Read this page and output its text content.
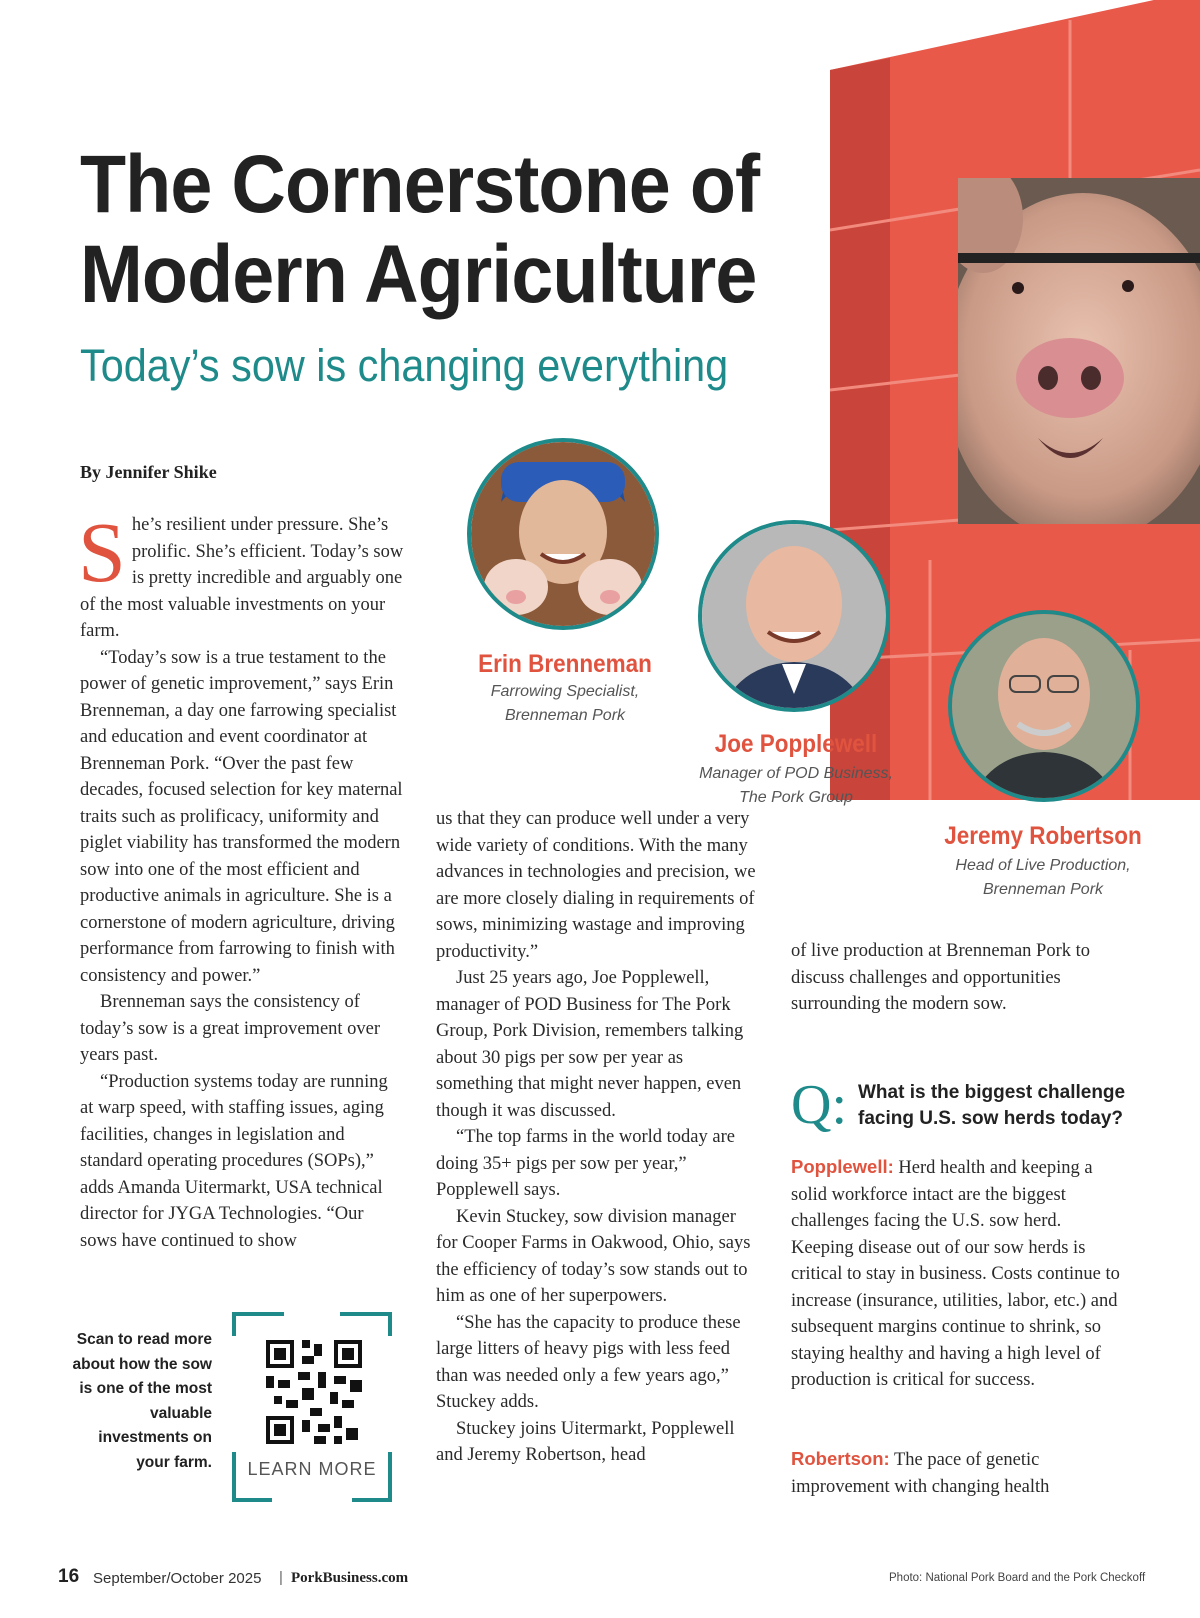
The Cornerstone of
Modern Agriculture
Today’s sow is changing everything
By Jennifer Shike

She’s resilient under pressure. She’s prolific. She’s efficient. Today’s sow is pretty incredible and arguably one of the most valuable investments on your farm.

“Today’s sow is a true testament to the power of genetic improvement,” says Erin Brenneman, a day one farrowing specialist and education and event coordinator at Brenneman Pork. “Over the past few decades, focused selection for key maternal traits such as prolificacy, uniformity and piglet viability has transformed the modern sow into one of the most efficient and productive animals in agriculture. She is a cornerstone of modern agriculture, driving performance from farrowing to finish with consistency and power.”

Brenneman says the consistency of today’s sow is a great improvement over years past.

“Production systems today are running at warp speed, with staffing issues, aging facilities, changes in legislation and standard operating procedures (SOPs),” adds Amanda Uitermarkt, USA technical director for JYGA Technologies. “Our sows have continued to show

Erin Brenneman
Farrowing Specialist,
Brenneman Pork
Joe Popplewell
Manager of POD Business,
The Pork Group
Jeremy Robertson
Head of Live Production,
Brenneman Pork

us that they can produce well under a very wide variety of conditions. With the many advances in technologies and precision, we are more closely dialing in requirements of sows, minimizing wastage and improving productivity.”

Just 25 years ago, Joe Popplewell, manager of POD Business for The Pork Group, Pork Division, remembers talking about 30 pigs per sow per year as something that might never happen, even though it was discussed.

“The top farms in the world today are doing 35+ pigs per sow per year,” Popplewell says.

Kevin Stuckey, sow division manager for Cooper Farms in Oakwood, Ohio, says the efficiency of today’s sow stands out to him as one of her superpowers.

“She has the capacity to produce these large litters of heavy pigs with less feed than was needed only a few years ago,” Stuckey adds.

Stuckey joins Uitermarkt, Popplewell and Jeremy Robertson, head

of live production at Brenneman Pork to discuss challenges and opportunities surrounding the modern sow.

Q: What is the biggest challenge facing U.S. sow herds today?

Popplewell: Herd health and keeping a solid workforce intact are the biggest challenges facing the U.S. sow herd. Keeping disease out of our sow herds is critical to stay in business. Costs continue to increase (insurance, utilities, labor, etc.) and subsequent margins continue to shrink, so staying healthy and having a high level of production is critical for success.

Robertson: The pace of genetic improvement with changing health

Scan to read more about how the sow is one of the most valuable investments on your farm.	LEARN MORE
16 September/October 2025 | PorkBusiness.com	Photo: National Pork Board and the Pork Checkoff
